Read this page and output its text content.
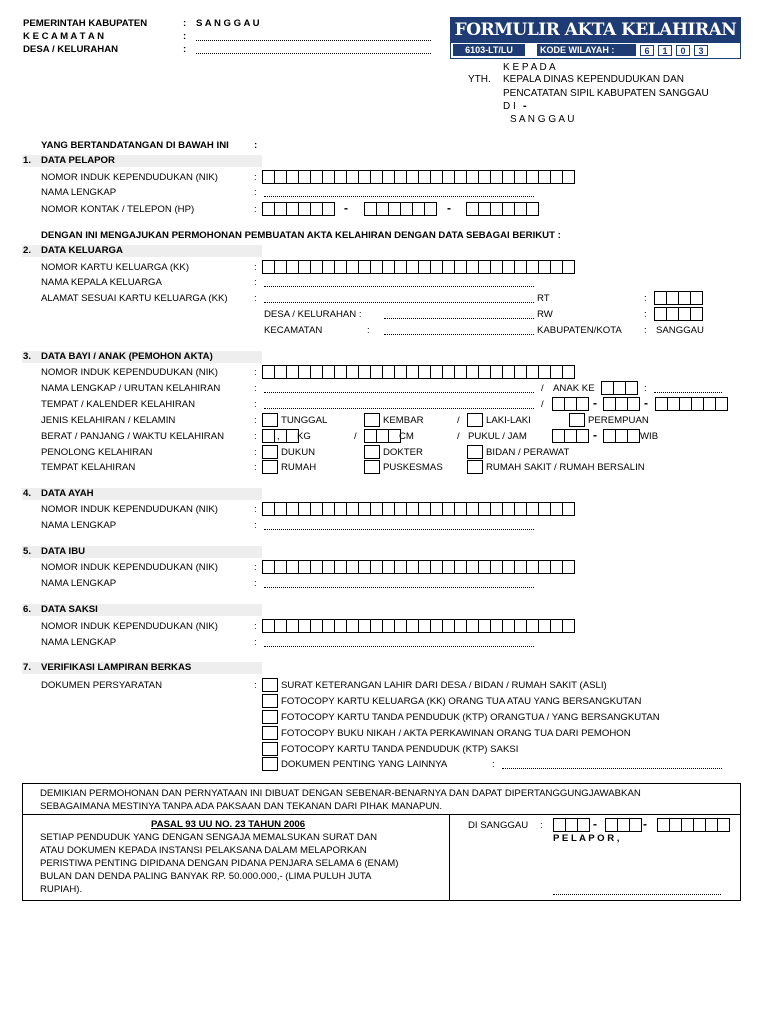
PEMERINTAH KABUPATEN	: S A N G G A U
K E C A M A T A N	:
DESA / KELURAHAN	:
FORMULIR AKTA KELAHIRAN
6103-LT/LU	KODE WILAYAH :	6	1	0	3
K E P A D A
YTH. KEPALA DINAS KEPENDUDUKAN DAN
PENCATATAN SIPIL KABUPATEN SANGGAU
D I -
S A N G G A U
YANG BERTANDATANGAN DI BAWAH INI	:
1. DATA PELAPOR
NOMOR INDUK KEPENDUDUKAN (NIK)	:
NAMA LENGKAP	:
NOMOR KONTAK / TELEPON (HP)	:	-	-
DENGAN INI MENGAJUKAN PERMOHONAN PEMBUATAN AKTA KELAHIRAN DENGAN DATA SEBAGAI BERIKUT :
2. DATA KELUARGA
NOMOR KARTU KELUARGA (KK)	:
NAMA KEPALA KELUARGA	:
ALAMAT SESUAI KARTU KELUARGA (KK)	:	RT	:
DESA / KELURAHAN :	RW	:
KECAMATAN	:	KABUPATEN/KOTA : SANGGAU
3. DATA BAYI / ANAK (PEMOHON AKTA)
NOMOR INDUK KEPENDUDUKAN (NIK)	:
NAMA LENGKAP / URUTAN KELAHIRAN	:	/ ANAK KE	:
TEMPAT / KALENDER KELAHIRAN	:	/	-	-
JENIS KELAHIRAN / KELAMIN	:	TUNGGAL	KEMBAR	/	LAKI-LAKI	PEREMPUAN
BERAT / PANJANG / WAKTU KELAHIRAN	: , KG	/	CM	/ PUKUL / JAM	-	WIB
PENOLONG KELAHIRAN	:	DUKUN	DOKTER	BIDAN / PERAWAT
TEMPAT KELAHIRAN	:	RUMAH	PUSKESMAS	RUMAH SAKIT / RUMAH BERSALIN
4. DATA AYAH
NOMOR INDUK KEPENDUDUKAN (NIK)	:
NAMA LENGKAP	:
5. DATA IBU
NOMOR INDUK KEPENDUDUKAN (NIK)	:
NAMA LENGKAP	:
6. DATA SAKSI
NOMOR INDUK KEPENDUDUKAN (NIK)	:
NAMA LENGKAP	:
7. VERIFIKASI LAMPIRAN BERKAS
DOKUMEN PERSYARATAN	:	SURAT KETERANGAN LAHIR DARI DESA / BIDAN / RUMAH SAKIT (ASLI)
FOTOCOPY KARTU KELUARGA (KK) ORANG TUA ATAU YANG BERSANGKUTAN
FOTOCOPY KARTU TANDA PENDUDUK (KTP) ORANGTUA / YANG BERSANGKUTAN
FOTOCOPY BUKU NIKAH / AKTA PERKAWINAN ORANG TUA DARI PEMOHON
FOTOCOPY KARTU TANDA PENDUDUK (KTP) SAKSI
DOKUMEN PENTING YANG LAINNYA	:
DEMIKIAN PERMOHONAN DAN PERNYATAAN INI DIBUAT DENGAN SEBENAR-BENARNYA DAN DAPAT DIPERTANGGUNGJAWABKAN
SEBAGAIMANA MESTINYA TANPA ADA PAKSAAN DAN TEKANAN DARI PIHAK MANAPUN.
PASAL 93 UU NO. 23 TAHUN 2006
SETIAP PENDUDUK YANG DENGAN SENGAJA MEMALSUKAN SURAT DAN
ATAU DOKUMEN KEPADA INSTANSI PELAKSANA DALAM MELAPORKAN
PERISTIWA PENTING DIPIDANA DENGAN PIDANA PENJARA SELAMA 6 (ENAM)
BULAN DAN DENDA PALING BANYAK RP. 50.000.000,- (LIMA PULUH JUTA
RUPIAH).
DI SANGGAU :	-	-
P E L A P O R ,
